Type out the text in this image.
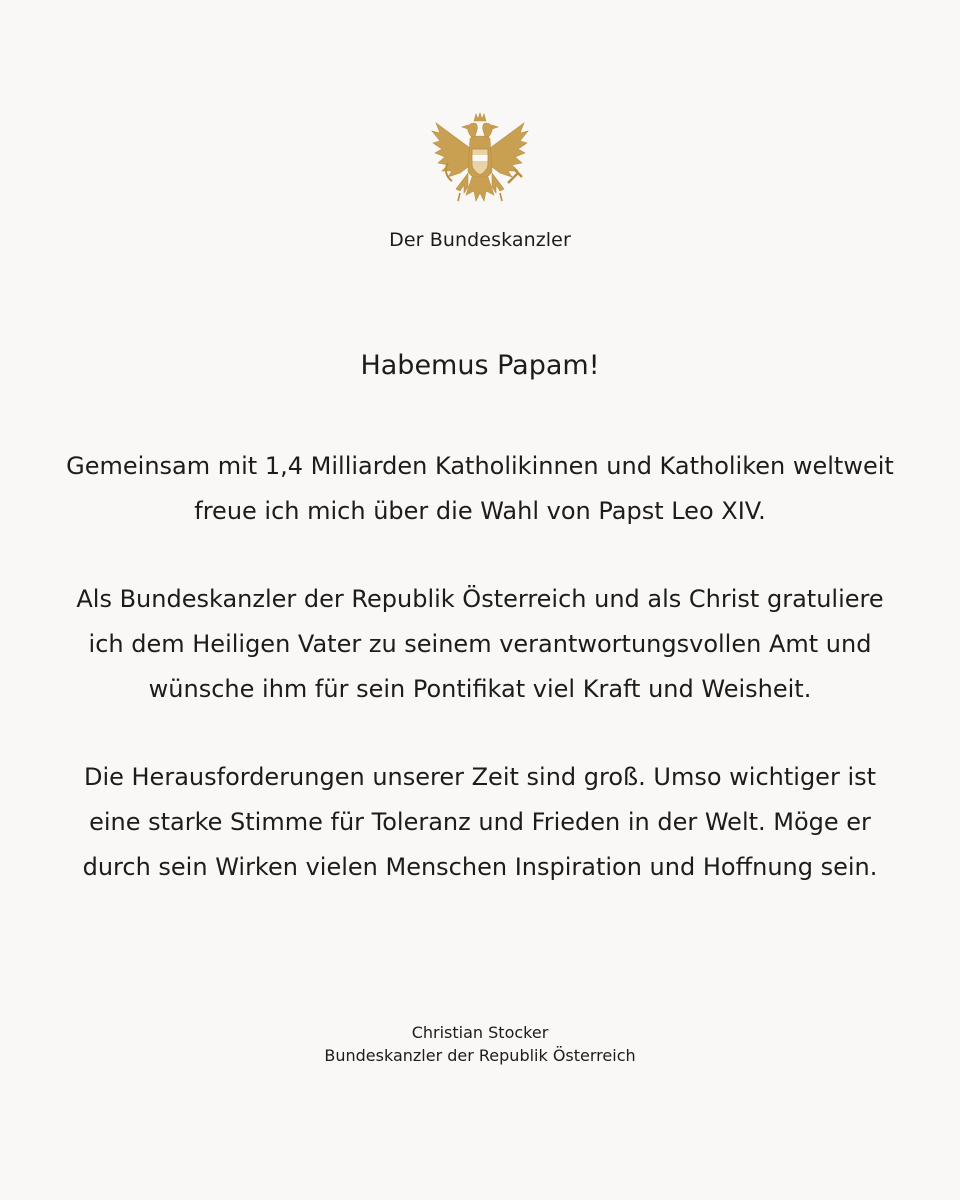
Der Bundeskanzler

Habemus Papam!

Gemeinsam mit 1,4 Milliarden Katholikinnen und Katholiken weltweit
freue ich mich über die Wahl von Papst Leo XIV.

Als Bundeskanzler der Republik Österreich und als Christ gratuliere
ich dem Heiligen Vater zu seinem verantwortungsvollen Amt und
wünsche ihm für sein Pontifikat viel Kraft und Weisheit.

Die Herausforderungen unserer Zeit sind groß. Umso wichtiger ist
eine starke Stimme für Toleranz und Frieden in der Welt. Möge er
durch sein Wirken vielen Menschen Inspiration und Hoffnung sein.

Christian Stocker
Bundeskanzler der Republik Österreich
